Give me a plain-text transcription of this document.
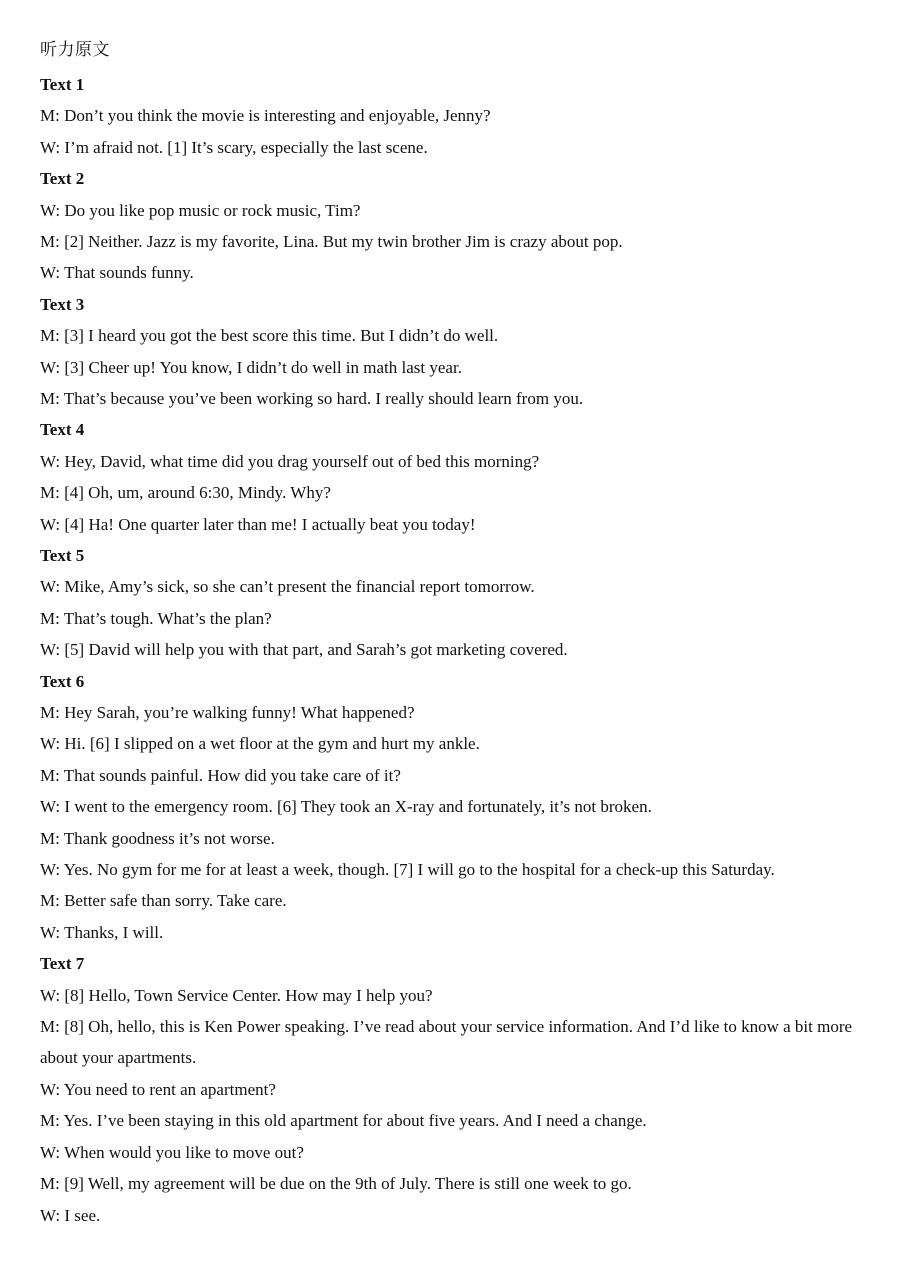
听力原文
Text 1
M: Don’t you think the movie is interesting and enjoyable, Jenny?
W: I’m afraid not. [1] It’s scary, especially the last scene.
Text 2
W: Do you like pop music or rock music, Tim?
M: [2] Neither. Jazz is my favorite, Lina. But my twin brother Jim is crazy about pop.
W: That sounds funny.
Text 3
M: [3] I heard you got the best score this time. But I didn’t do well.
W: [3] Cheer up! You know, I didn’t do well in math last year.
M: That’s because you’ve been working so hard. I really should learn from you.
Text 4
W: Hey, David, what time did you drag yourself out of bed this morning?
M: [4] Oh, um, around 6:30, Mindy. Why?
W: [4] Ha! One quarter later than me! I actually beat you today!
Text 5
W: Mike, Amy’s sick, so she can’t present the financial report tomorrow.
M: That’s tough. What’s the plan?
W: [5] David will help you with that part, and Sarah’s got marketing covered.
Text 6
M: Hey Sarah, you’re walking funny! What happened?
W: Hi. [6] I slipped on a wet floor at the gym and hurt my ankle.
M: That sounds painful. How did you take care of it?
W: I went to the emergency room. [6] They took an X-ray and fortunately, it’s not broken.
M: Thank goodness it’s not worse.
W: Yes. No gym for me for at least a week, though. [7] I will go to the hospital for a check-up this Saturday.
M: Better safe than sorry. Take care.
W: Thanks, I will.
Text 7
W: [8] Hello, Town Service Center. How may I help you?
M: [8] Oh, hello, this is Ken Power speaking. I’ve read about your service information. And I’d like to know a bit more about your apartments.
W: You need to rent an apartment?
M: Yes. I’ve been staying in this old apartment for about five years. And I need a change.
W: When would you like to move out?
M: [9] Well, my agreement will be due on the 9th of July. There is still one week to go.
W: I see.
